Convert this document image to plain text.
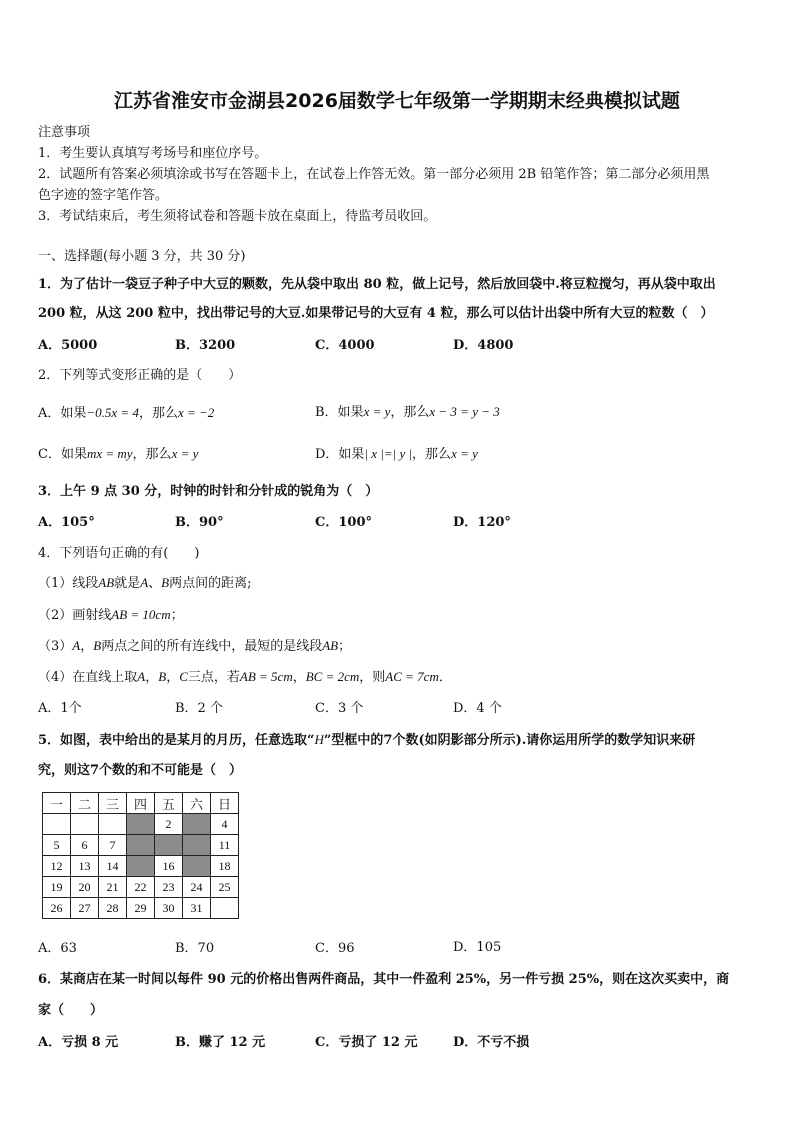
江苏省淮安市金湖县2026届数学七年级第一学期期末经典模拟试题
注意事项
1．考生要认真填写考场号和座位序号。
2．试题所有答案必须填涂或书写在答题卡上，在试卷上作答无效。第一部分必须用 2B 铅笔作答；第二部分必须用黑
色字迹的签字笔作答。
3．考试结束后，考生须将试卷和答题卡放在桌面上，待监考员收回。
一、选择题(每小题 3 分，共 30 分)
1．为了估计一袋豆子种子中大豆的颗数，先从袋中取出 80 粒，做上记号，然后放回袋中.将豆粒搅匀，再从袋中取出
200 粒，从这 200 粒中，找出带记号的大豆.如果带记号的大豆有 4 粒，那么可以估计出袋中所有大豆的粒数（　）
A．5000	B．3200	C．4000	D．4800
2．下列等式变形正确的是（　　）
A．如果−0.5x = 4，那么x = −2	B．如果x = y，那么x − 3 = y − 3
C．如果mx = my，那么x = y	D．如果| x |=| y |，那么x = y
3．上午 9 点 30 分，时钟的时针和分针成的锐角为（　）
A．105°	B．90°	C．100°	D．120°
4．下列语句正确的有(　　)
（1）线段AB就是A、B两点间的距离;
（2）画射线AB = 10cm；
（3）A，B两点之间的所有连线中，最短的是线段AB；
（4）在直线上取A，B，C三点，若AB = 5cm，BC = 2cm，则AC = 7cm．
A．1个	B．2 个	C．3 个	D．4 个
5．如图，表中给出的是某月的月历，任意选取“H”型框中的7个数(如阴影部分所示).请你运用所学的数学知识来研
究，则这7个数的和不可能是（　）
一	二	三	四	五	六	日
				2		4
5	6	7				11
12	13	14		16		18
19	20	21	22	23	24	25
26	27	28	29	30	31	
A．63	B．70	C．96	D．105
6．某商店在某一时间以每件 90 元的价格出售两件商品，其中一件盈利 25%，另一件亏损 25%，则在这次买卖中，商
家（　　）
A．亏损 8 元	B．赚了 12 元	C．亏损了 12 元	D．不亏不损
